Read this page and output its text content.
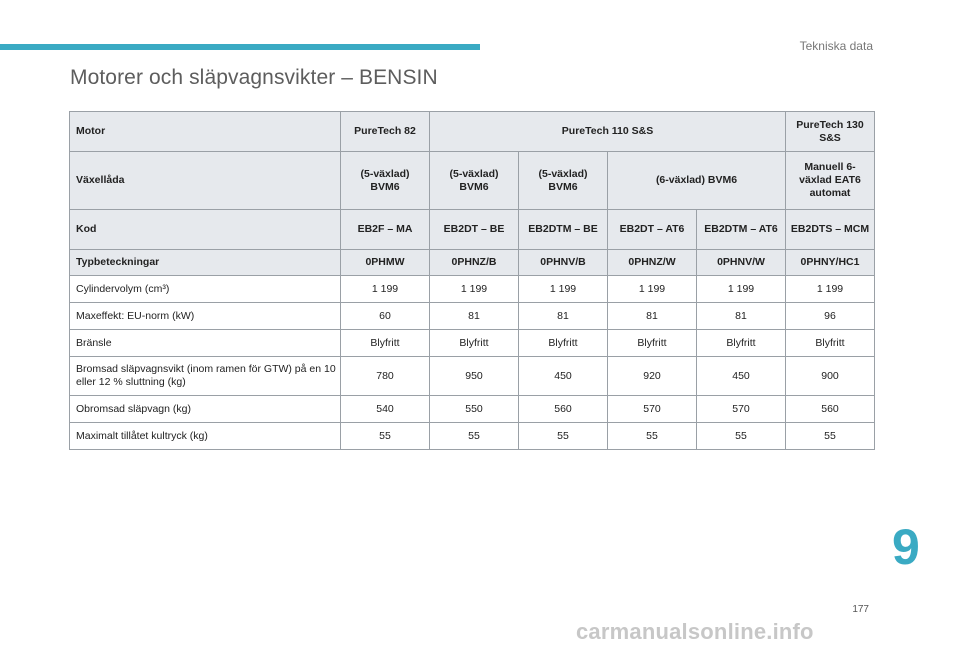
Tekniska data
Motorer och släpvagnsvikter – BENSIN
Motor	PureTech 82	PureTech 110 S&S				PureTech 130 S&S
Växellåda	(5-växlad) BVM6	(5-växlad) BVM6	(5-växlad) BVM6	(6-växlad) BVM6		Manuell 6-växlad EAT6 automat
Kod	EB2F – MA	EB2DT – BE	EB2DTM – BE	EB2DT – AT6	EB2DTM – AT6	EB2DTS – MCM
Typbeteckningar	0PHMW	0PHNZ/B	0PHNV/B	0PHNZ/W	0PHNV/W	0PHNY/HC1
Cylindervolym (cm³)	1 199	1 199	1 199	1 199	1 199	1 199
Maxeffekt: EU-norm (kW)	60	81	81	81	81	96
Bränsle	Blyfritt	Blyfritt	Blyfritt	Blyfritt	Blyfritt	Blyfritt
Bromsad släpvagnsvikt (inom ramen för GTW) på en 10 eller 12 % sluttning (kg)	780	950	450	920	450	900
Obromsad släpvagn (kg)	540	550	560	570	570	560
Maximalt tillåtet kultryck (kg)	55	55	55	55	55	55
9
177
carmanualsonline.info
